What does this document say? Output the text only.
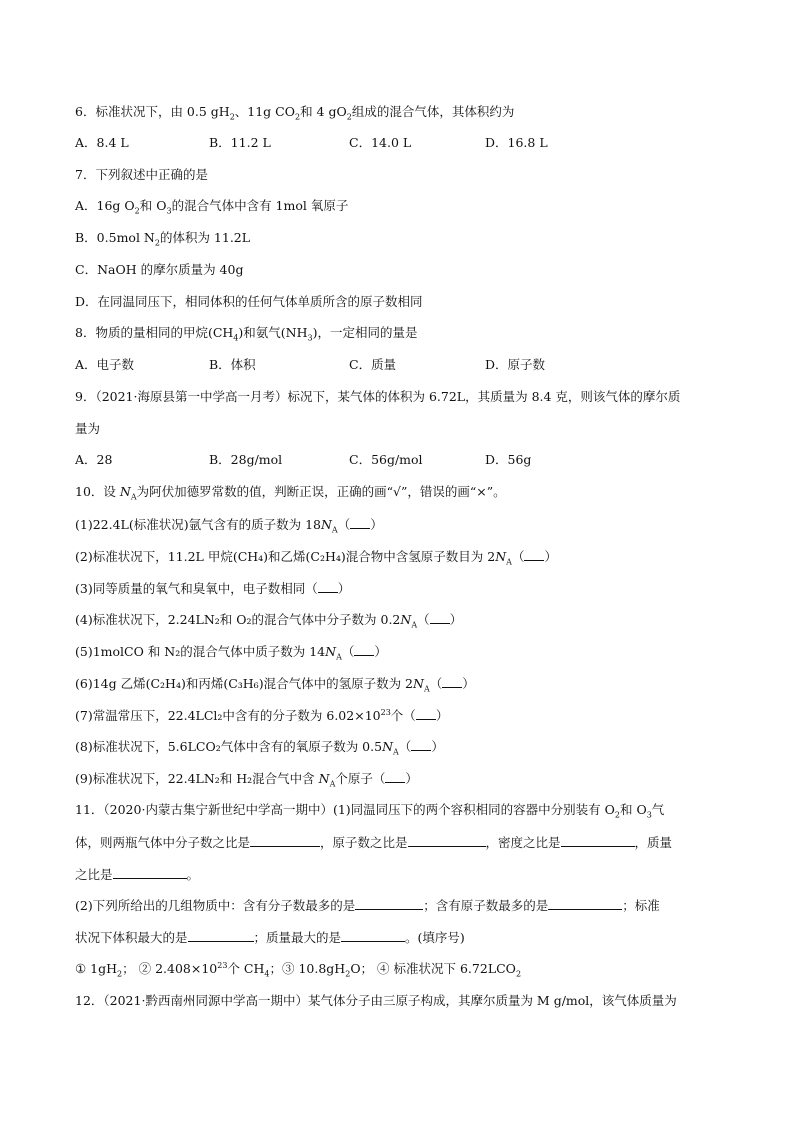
6．标准状况下，由 0.5 $gH_2$、11g $CO_2$和 4 $gO_2$组成的混合气体，其体积约为
A．8.4 L	B．11.2 L	C．14.0 L	D．16.8 L
7．下列叙述中正确的是
A．16g $O_2$和 $O_3$的混合气体中含有 1mol 氧原子
B．0.5mol $N_2$的体积为 11.2L
C．NaOH 的摩尔质量为 40g
D．在同温同压下，相同体积的任何气体单质所含的原子数相同
8．物质的量相同的甲烷$(CH_4)$和氨气$(NH_3)$，一定相同的量是
A．电子数	B．体积	C．质量	D．原子数
9．（2021·海原县第一中学高一月考）标况下，某气体的体积为 6.72L，其质量为 8.4 克，则该气体的摩尔质
量为
A．28	B．28g/mol	C．56g/mol	D．56g
10．设 $N_A$为阿伏加德罗常数的值，判断正误，正确的画“√”，错误的画“×”。
(1)22.4L(标准状况)氩气含有的质子数为 $18N_A$（ ）
(2)标准状况下，11.2L 甲烷(CH₄)和乙烯(C₂H₄)混合物中含氢原子数目为 $2N_A$（ ）
(3)同等质量的氧气和臭氧中，电子数相同（ ）
(4)标准状况下，2.24LN₂和 O₂的混合气体中分子数为 $0.2N_A$（ ）
(5)1molCO 和 N₂的混合气体中质子数为 $14N_A$（ ）
(6)14g 乙烯(C₂H₄)和丙烯(C₃H₆)混合气体中的氢原子数为 $2N_A$（ ）
(7)常温常压下，22.4LCl₂中含有的分子数为 $6.02\times 10^{23}$个（ ）
(8)标准状况下，5.6LCO₂气体中含有的氧原子数为 $0.5N_A$（ ）
(9)标准状况下，22.4LN₂和 H₂混合气中含 $N_A$个原子（ ）
11．（2020·内蒙古集宁新世纪中学高一期中）(1)同温同压下的两个容积相同的容器中分别装有 $O_2$和 $O_3$气
体，则两瓶气体中分子数之比是	，原子数之比是	，密度之比是	，质量
之比是	。
(2)下列所给出的几组物质中：含有分子数最多的是	；含有原子数最多的是	；标准
状况下体积最大的是	；质量最大的是	。(填序号)
① $1gH_2$； ② $2.408\times 10^{23}$个 $CH_4$；③ $10.8gH_2O$； ④ 标准状况下 $6.72LCO_2$
12．（2021·黔西南州同源中学高一期中）某气体分子由三原子构成，其摩尔质量为 M g/mol，该气体质量为
